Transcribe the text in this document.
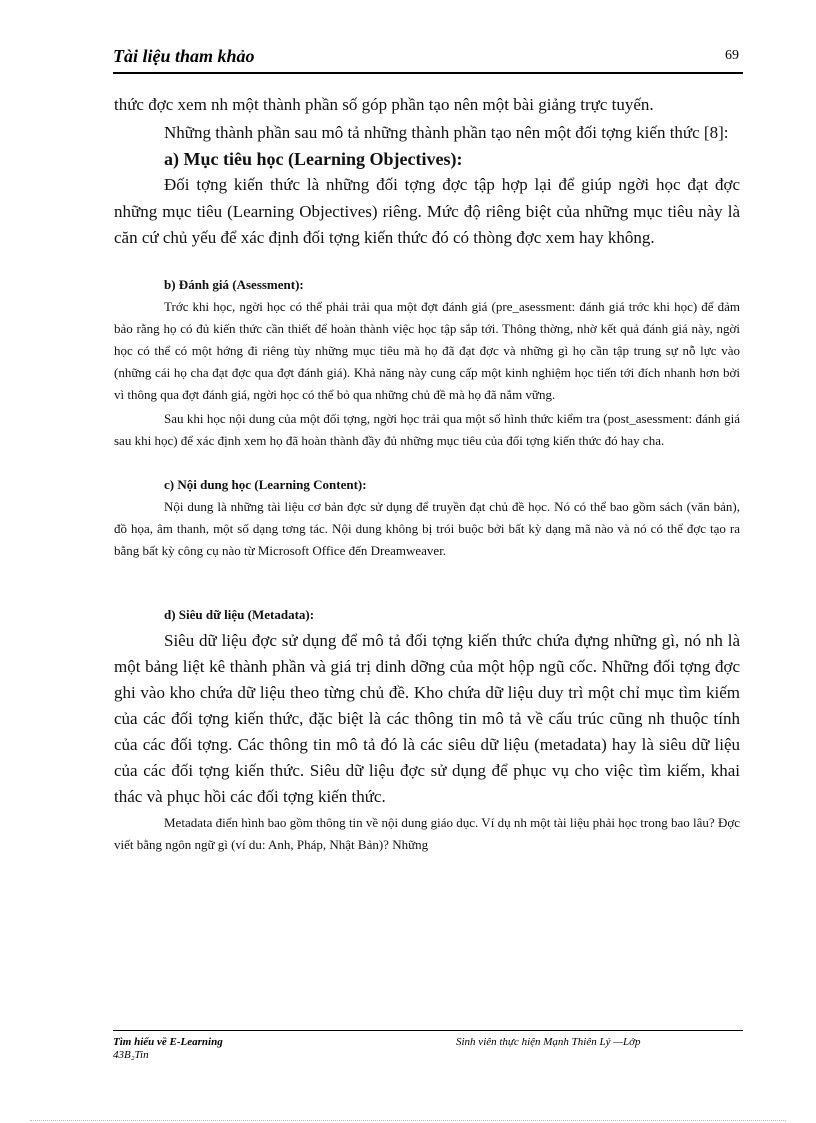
Tài liệu tham khảo	69

thức đợc xem nh một thành phần số góp phần tạo nên một bài giảng trực tuyến.

Những thành phần sau mô tả những thành phần tạo nên một đối tợng kiến thức [8]:

a) Mục tiêu học (Learning Objectives):

Đối tợng kiến thức là những đối tợng đợc tập hợp lại để giúp ngời học đạt đợc những mục tiêu (Learning Objectives) riêng. Mức độ riêng biệt của những mục tiêu này là căn cứ chủ yếu để xác định đối tợng kiến thức đó có thòng đợc xem hay không.

b) Đánh giá (Asessment):

Trớc khi học, ngời học có thể phải trải qua một đợt đánh giá (pre_asessment: đánh giá trớc khi học) để đảm bảo rằng họ có đủ kiến thức cần thiết để hoàn thành việc học tập sắp tới. Thông thờng, nhờ kết quả đánh giá này, ngời học có thể có một hớng đi riêng tùy những mục tiêu mà họ đã đạt đợc và những gì họ cần tập trung sự nỗ lực vào (những cái họ cha đạt đợc qua đợt đánh giá). Khả năng này cung cấp một kinh nghiệm học tiến tới đích nhanh hơn bởi vì thông qua đợt đánh giá, ngời học có thể bỏ qua những chủ đề mà họ đã nắm vững.

Sau khi học nội dung của một đối tợng, ngời học trải qua một số hình thức kiểm tra (post_asessment: đánh giá sau khi học) để xác định xem họ đã hoàn thành đầy đủ những mục tiêu của đối tợng kiến thức đó hay cha.

c) Nội dung học (Learning Content):

Nội dung là những tài liệu cơ bản đợc sử dụng để truyền đạt chủ đề học. Nó có thể bao gồm sách (văn bản), đồ họa, âm thanh, một số dạng tơng tác. Nội dung không bị trói buộc bởi bất kỳ dạng mã nào và nó có thể đợc tạo ra bằng bất kỳ công cụ nào từ Microsoft Office đến Dreamweaver.

d) Siêu dữ liệu (Metadata):

Siêu dữ liệu đợc sử dụng để mô tả đối tợng kiến thức chứa đựng những gì, nó nh là một bảng liệt kê thành phần và giá trị dinh dỡng của một hộp ngũ cốc. Những đối tợng đợc ghi vào kho chứa dữ liệu theo từng chủ đề. Kho chứa dữ liệu duy trì một chỉ mục tìm kiếm của các đối tợng kiến thức, đặc biệt là các thông tin mô tả về cấu trúc cũng nh thuộc tính của các đối tợng. Các thông tin mô tả đó là các siêu dữ liệu (metadata) hay là siêu dữ liệu của các đối tợng kiến thức. Siêu dữ liệu đợc sử dụng để phục vụ cho việc tìm kiếm, khai thác và phục hồi các đối tợng kiến thức.

Metadata điển hình bao gồm thông tin về nội dung giáo dục. Ví dụ nh một tài liệu phải học trong bao lâu? Đợc viết bằng ngôn ngữ gì (ví du: Anh, Pháp, Nhật Bản)? Những

Tìm hiểu về E-Learning
43B₂Tin
Sinh viên thực hiện Mạnh Thiên Lý —Lớp
